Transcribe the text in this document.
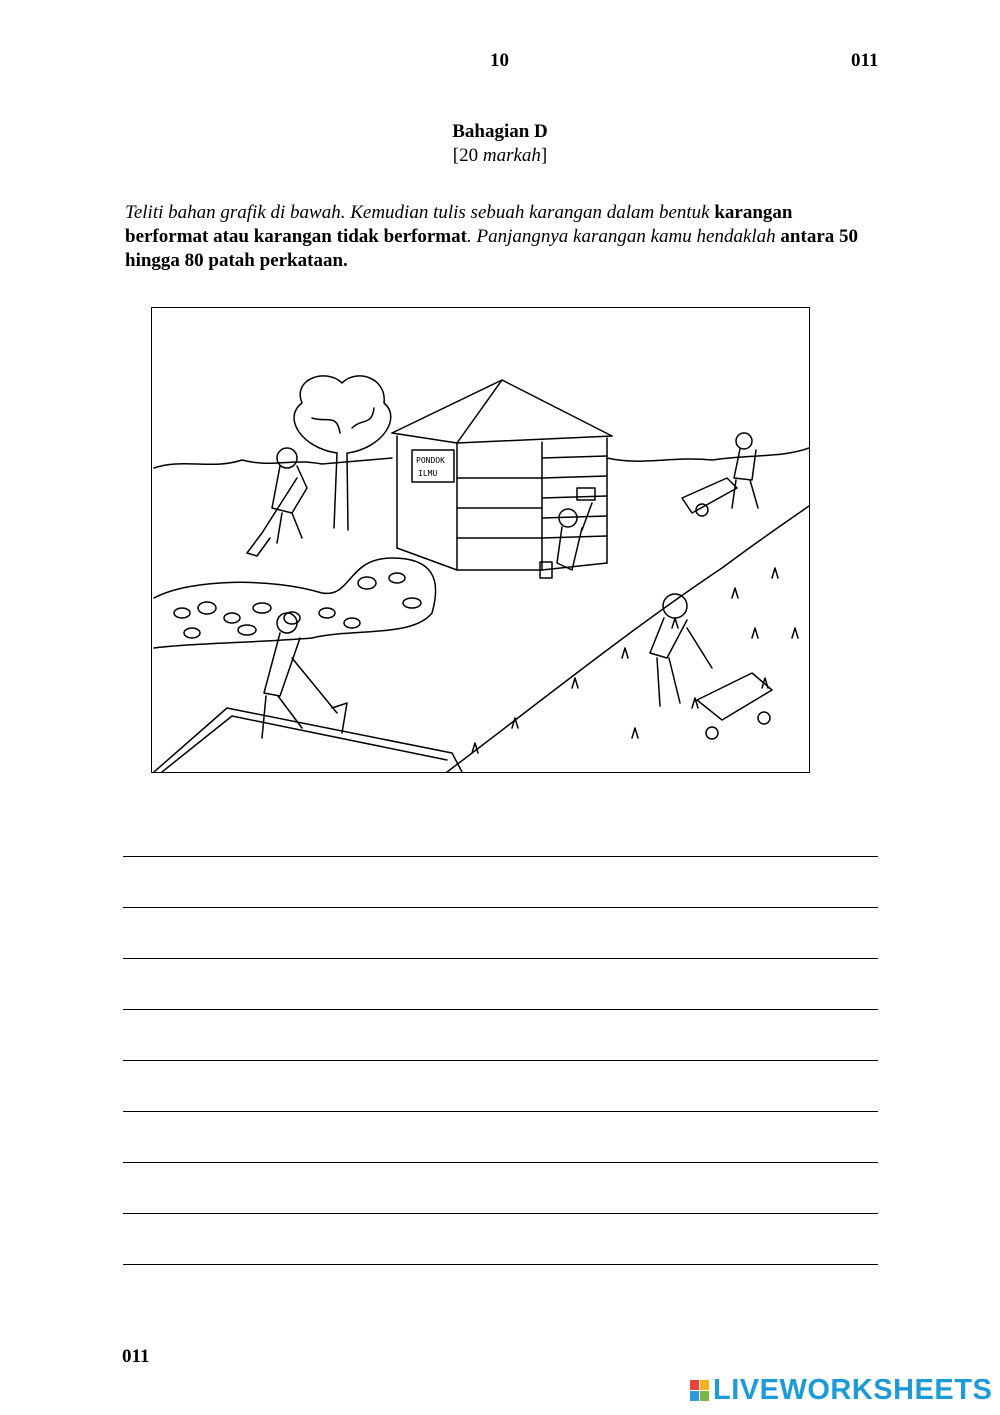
10	011
Bahagian D
[20 markah]
Teliti bahan grafik di bawah. Kemudian tulis sebuah karangan dalam bentuk karangan berformat atau karangan tidak berformat. Panjangnya karangan kamu hendaklah antara 50 hingga 80 patah perkataan.
PONDOK
ILMU
011
LIVEWORKSHEETS
